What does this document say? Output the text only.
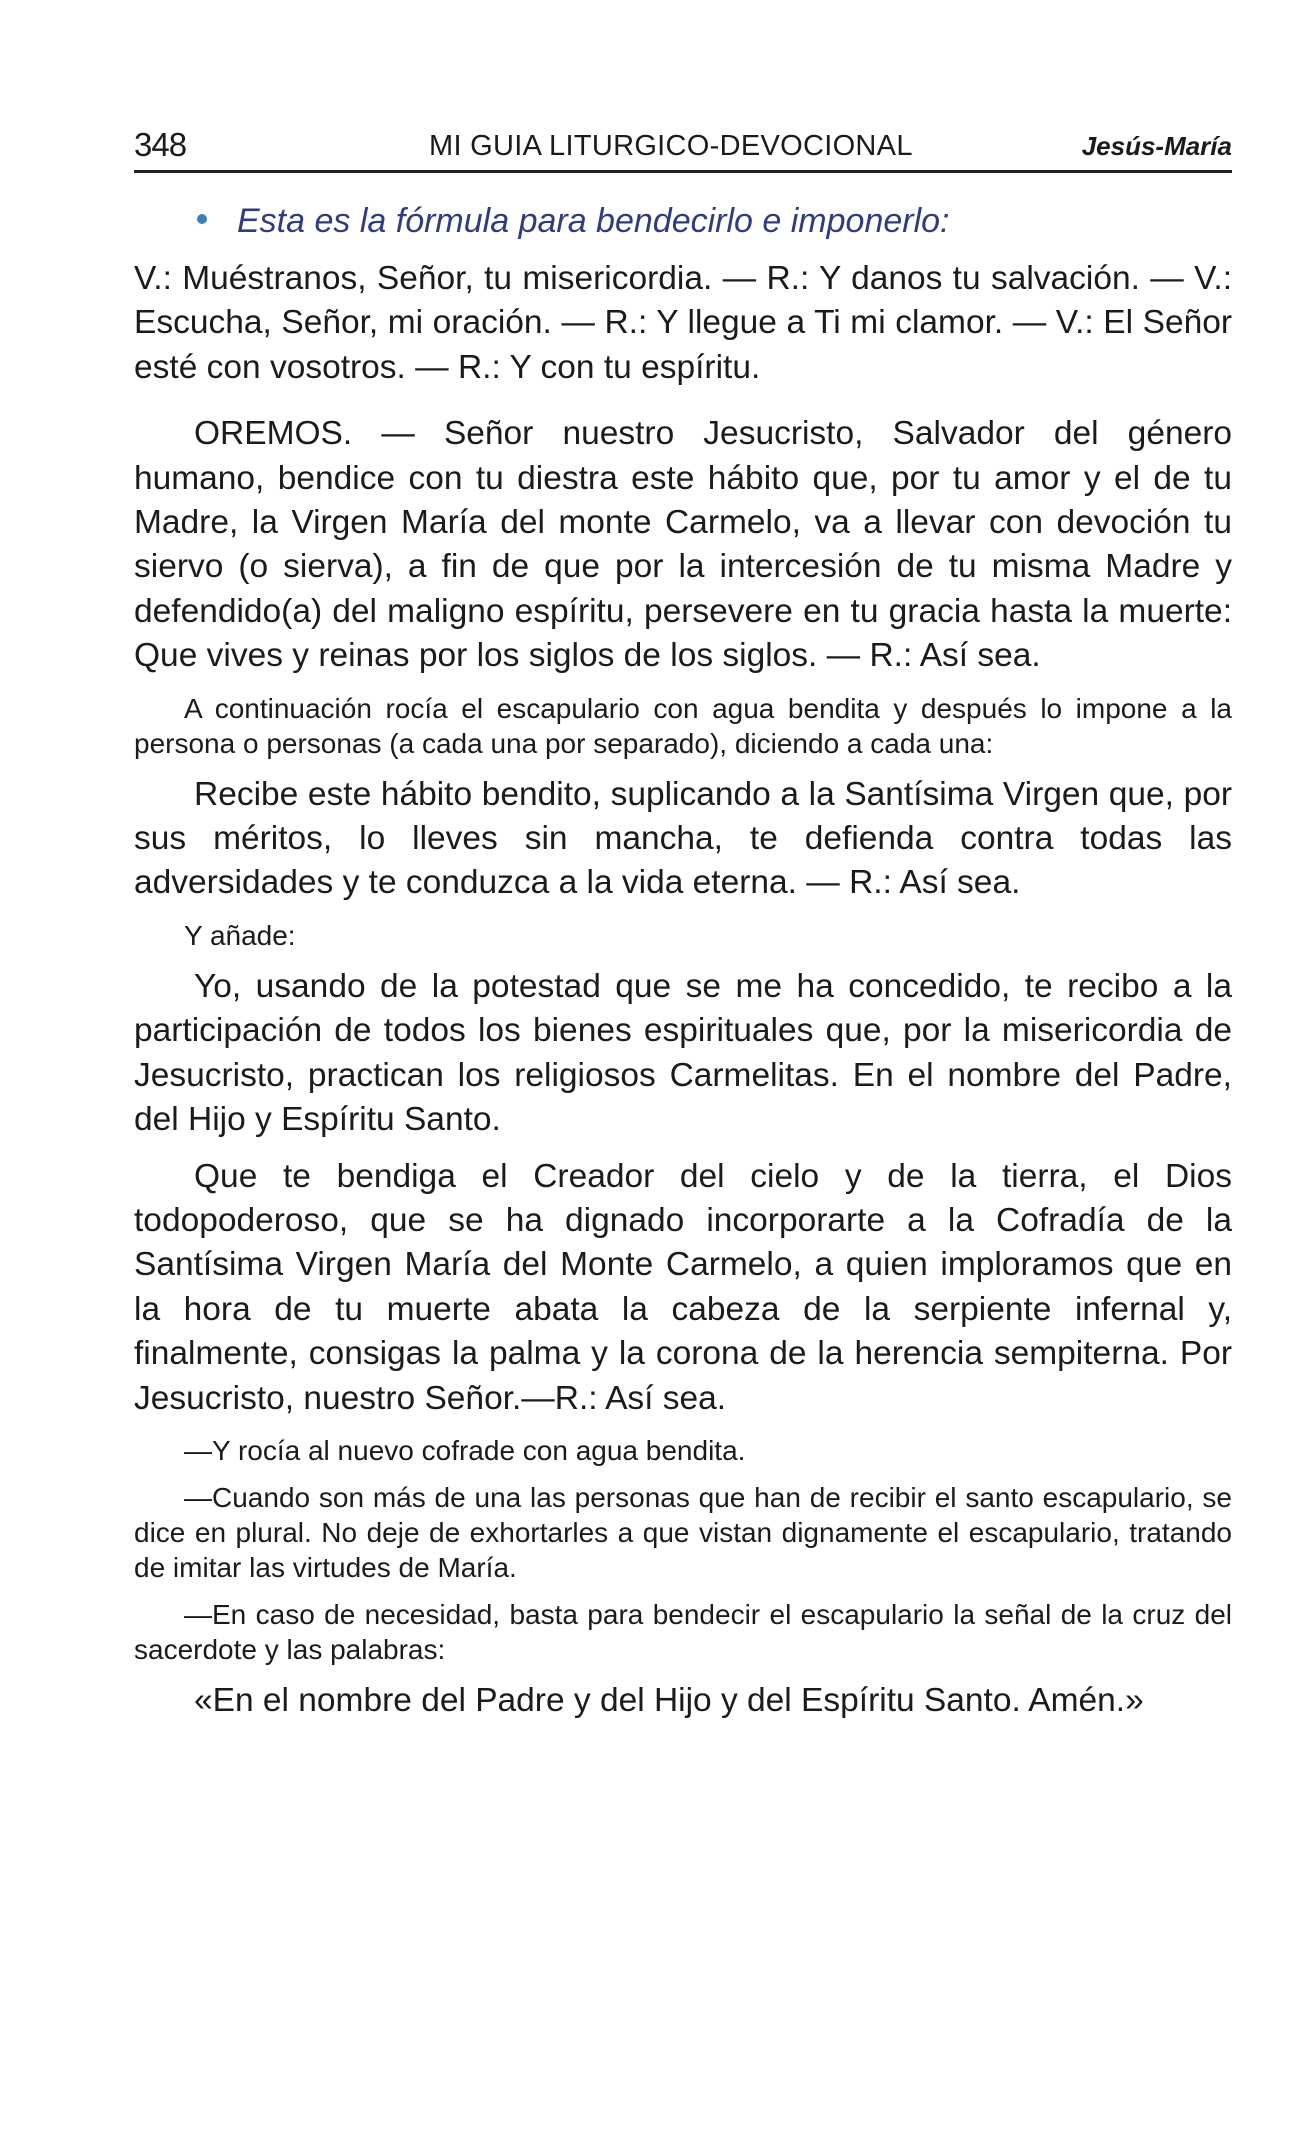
348	MI GUIA LITURGICO-DEVOCIONAL	Jesús-María
Esta es la fórmula para bendecirlo e imponerlo:

V.: Muéstranos, Señor, tu misericordia. — R.: Y danos tu salvación. — V.: Escucha, Señor, mi oración. — R.: Y llegue a Ti mi clamor. — V.: El Señor esté con vosotros. — R.: Y con tu espíritu.

OREMOS. — Señor nuestro Jesucristo, Salvador del género humano, bendice con tu diestra este hábito que, por tu amor y el de tu Madre, la Virgen María del monte Carmelo, va a llevar con devoción tu siervo (o sierva), a fin de que por la intercesión de tu misma Madre y defendido(a) del maligno espíritu, persevere en tu gracia hasta la muerte: Que vives y reinas por los siglos de los siglos. — R.: Así sea.

A continuación rocía el escapulario con agua bendita y después lo impone a la persona o personas (a cada una por separado), diciendo a cada una:

Recibe este hábito bendito, suplicando a la Santísima Virgen que, por sus méritos, lo lleves sin mancha, te defienda contra todas las adversidades y te conduzca a la vida eterna. — R.: Así sea.

Y añade:

Yo, usando de la potestad que se me ha concedido, te recibo a la participación de todos los bienes espirituales que, por la misericordia de Jesucristo, practican los religiosos Carmelitas. En el nombre del Padre, del Hijo y Espíritu Santo.

Que te bendiga el Creador del cielo y de la tierra, el Dios todopoderoso, que se ha dignado incorporarte a la Cofradía de la Santísima Virgen María del Monte Carmelo, a quien imploramos que en la hora de tu muerte abata la cabeza de la serpiente infernal y, finalmente, consigas la palma y la corona de la herencia sempiterna. Por Jesucristo, nuestro Señor.—R.: Así sea.

—Y rocía al nuevo cofrade con agua bendita.

—Cuando son más de una las personas que han de recibir el santo escapulario, se dice en plural. No deje de exhortarles a que vistan dignamente el escapulario, tratando de imitar las virtudes de María.

—En caso de necesidad, basta para bendecir el escapulario la señal de la cruz del sacerdote y las palabras:

«En el nombre del Padre y del Hijo y del Espíritu Santo. Amén.»
